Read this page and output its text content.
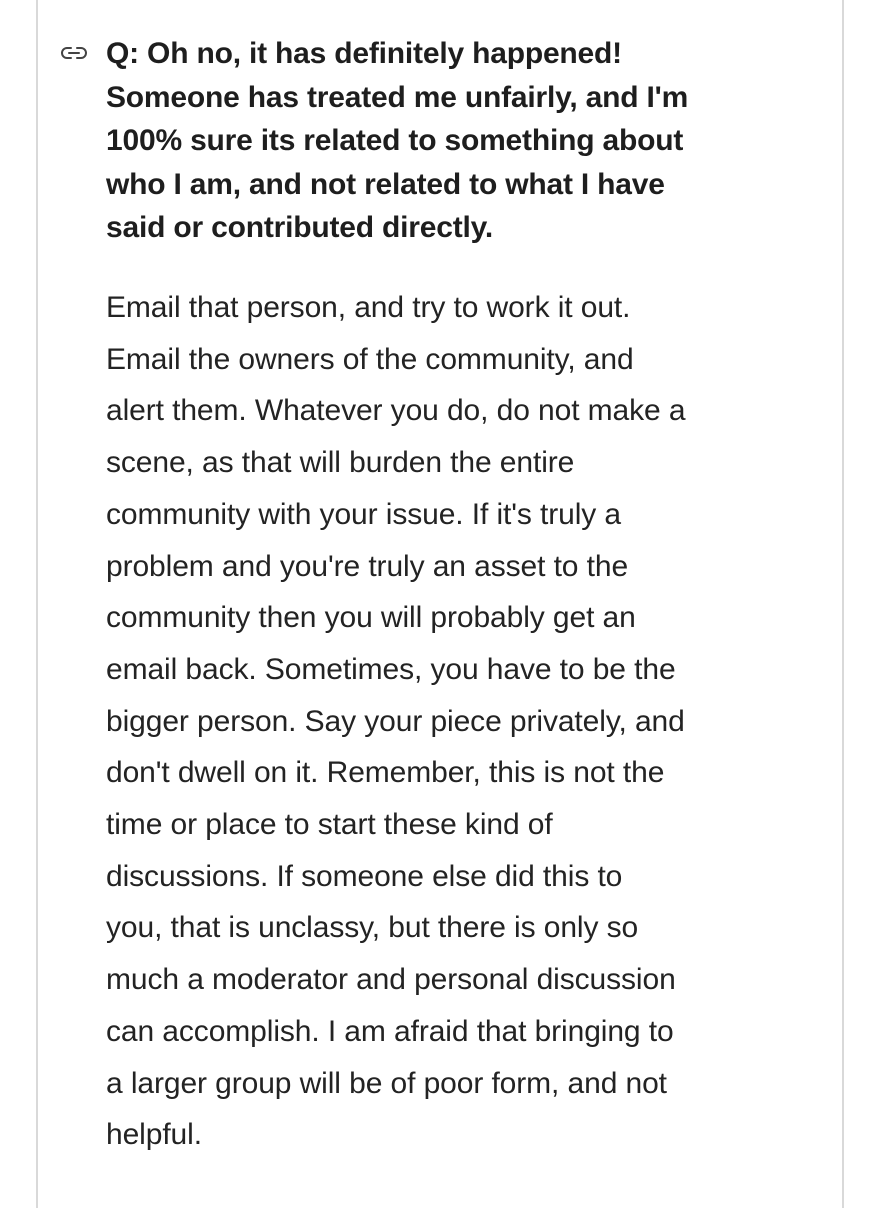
Q: Oh no, it has definitely happened!
Someone has treated me unfairly, and I'm
100% sure its related to something about
who I am, and not related to what I have
said or contributed directly.
Email that person, and try to work it out.
Email the owners of the community, and
alert them. Whatever you do, do not make a
scene, as that will burden the entire
community with your issue. If it's truly a
problem and you're truly an asset to the
community then you will probably get an
email back. Sometimes, you have to be the
bigger person. Say your piece privately, and
don't dwell on it. Remember, this is not the
time or place to start these kind of
discussions. If someone else did this to
you, that is unclassy, but there is only so
much a moderator and personal discussion
can accomplish. I am afraid that bringing to
a larger group will be of poor form, and not
helpful.
